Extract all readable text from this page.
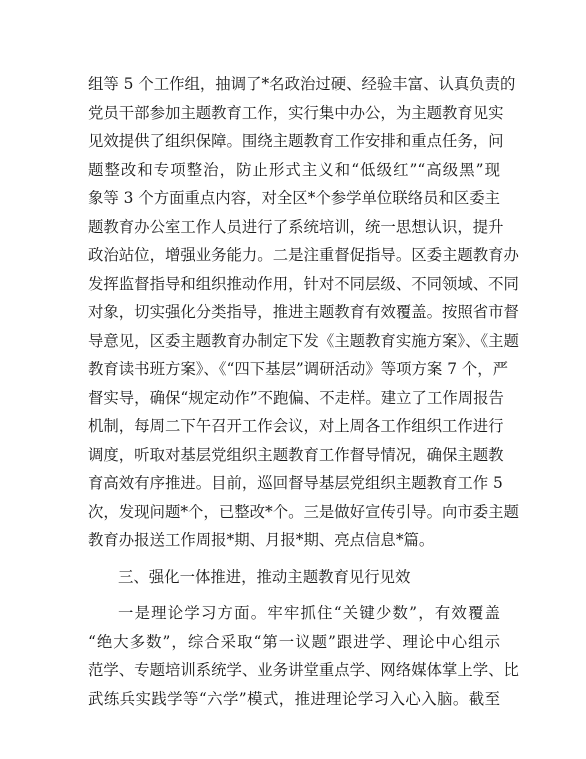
组等 5 个工作组，抽调了*名政治过硬、经验丰富、认真负责的
党员干部参加主题教育工作，实行集中办公，为主题教育见实
见效提供了组织保障。围绕主题教育工作安排和重点任务，问
题整改和专项整治，防止形式主义和“低级红”“高级黑”现
象等 3 个方面重点内容，对全区*个参学单位联络员和区委主
题教育办公室工作人员进行了系统培训，统一思想认识，提升
政治站位，增强业务能力。二是注重督促指导。区委主题教育办
发挥监督指导和组织推动作用，针对不同层级、不同领域、不同
对象，切实强化分类指导，推进主题教育有效覆盖。按照省市督
导意见，区委主题教育办制定下发《主题教育实施方案》、《主题
教育读书班方案》、《“四下基层”调研活动》等项方案 7 个，严
督实导，确保“规定动作”不跑偏、不走样。建立了工作周报告
机制，每周二下午召开工作会议，对上周各工作组织工作进行
调度，听取对基层党组织主题教育工作督导情况，确保主题教
育高效有序推进。目前，巡回督导基层党组织主题教育工作 5
次，发现问题*个，已整改*个。三是做好宣传引导。向市委主题
教育办报送工作周报*期、月报*期、亮点信息*篇。
三、强化一体推进，推动主题教育见行见效
一是理论学习方面。牢牢抓住“关键少数”，有效覆盖
“绝大多数”，综合采取“第一议题”跟进学、理论中心组示
范学、专题培训系统学、业务讲堂重点学、网络媒体掌上学、比
武练兵实践学等“六学”模式，推进理论学习入心入脑。截至
